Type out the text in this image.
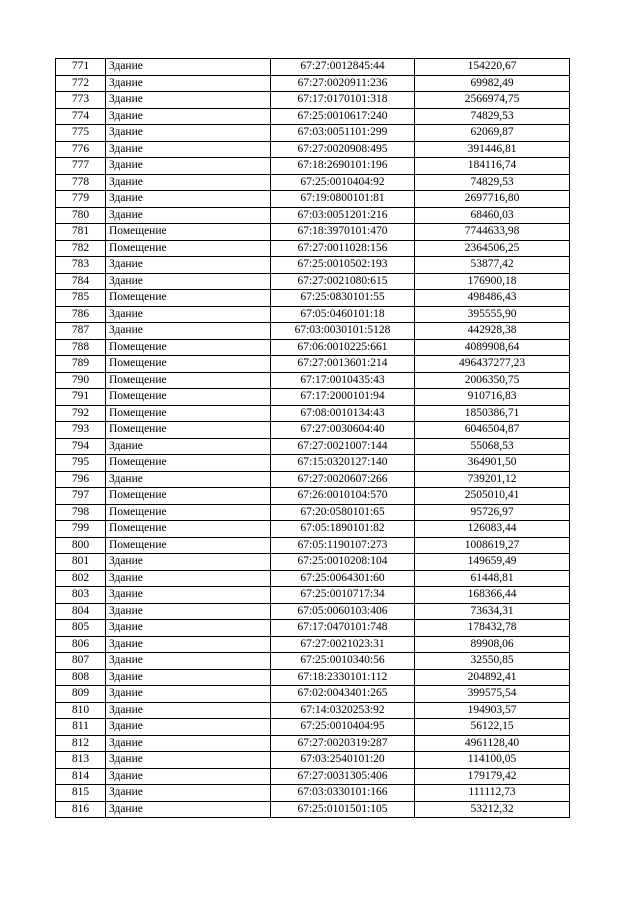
771	Здание	67:27:0012845:44	154220,67
772	Здание	67:27:0020911:236	69982,49
773	Здание	67:17:0170101:318	2566974,75
774	Здание	67:25:0010617:240	74829,53
775	Здание	67:03:0051101:299	62069,87
776	Здание	67:27:0020908:495	391446,81
777	Здание	67:18:2690101:196	184116,74
778	Здание	67:25:0010404:92	74829,53
779	Здание	67:19:0800101:81	2697716,80
780	Здание	67:03:0051201:216	68460,03
781	Помещение	67:18:3970101:470	7744633,98
782	Помещение	67:27:0011028:156	2364506,25
783	Здание	67:25:0010502:193	53877,42
784	Здание	67:27:0021080:615	176900,18
785	Помещение	67:25:0830101:55	498486,43
786	Здание	67:05:0460101:18	395555,90
787	Здание	67:03:0030101:5128	442928,38
788	Помещение	67:06:0010225:661	4089908,64
789	Помещение	67:27:0013601:214	496437277,23
790	Помещение	67:17:0010435:43	2006350,75
791	Помещение	67:17:2000101:94	910716,83
792	Помещение	67:08:0010134:43	1850386,71
793	Помещение	67:27:0030604:40	6046504,87
794	Здание	67:27:0021007:144	55068,53
795	Помещение	67:15:0320127:140	364901,50
796	Здание	67:27:0020607:266	739201,12
797	Помещение	67:26:0010104:570	2505010,41
798	Помещение	67:20:0580101:65	95726,97
799	Помещение	67:05:1890101:82	126083,44
800	Помещение	67:05:1190107:273	1008619,27
801	Здание	67:25:0010208:104	149659,49
802	Здание	67:25:0064301:60	61448,81
803	Здание	67:25:0010717:34	168366,44
804	Здание	67:05:0060103:406	73634,31
805	Здание	67:17:0470101:748	178432,78
806	Здание	67:27:0021023:31	89908,06
807	Здание	67:25:0010340:56	32550,85
808	Здание	67:18:2330101:112	204892,41
809	Здание	67:02:0043401:265	399575,54
810	Здание	67:14:0320253:92	194903,57
811	Здание	67:25:0010404:95	56122,15
812	Здание	67:27:0020319:287	4961128,40
813	Здание	67:03:2540101:20	114100,05
814	Здание	67:27:0031305:406	179179,42
815	Здание	67:03:0330101:166	111112,73
816	Здание	67:25:0101501:105	53212,32
